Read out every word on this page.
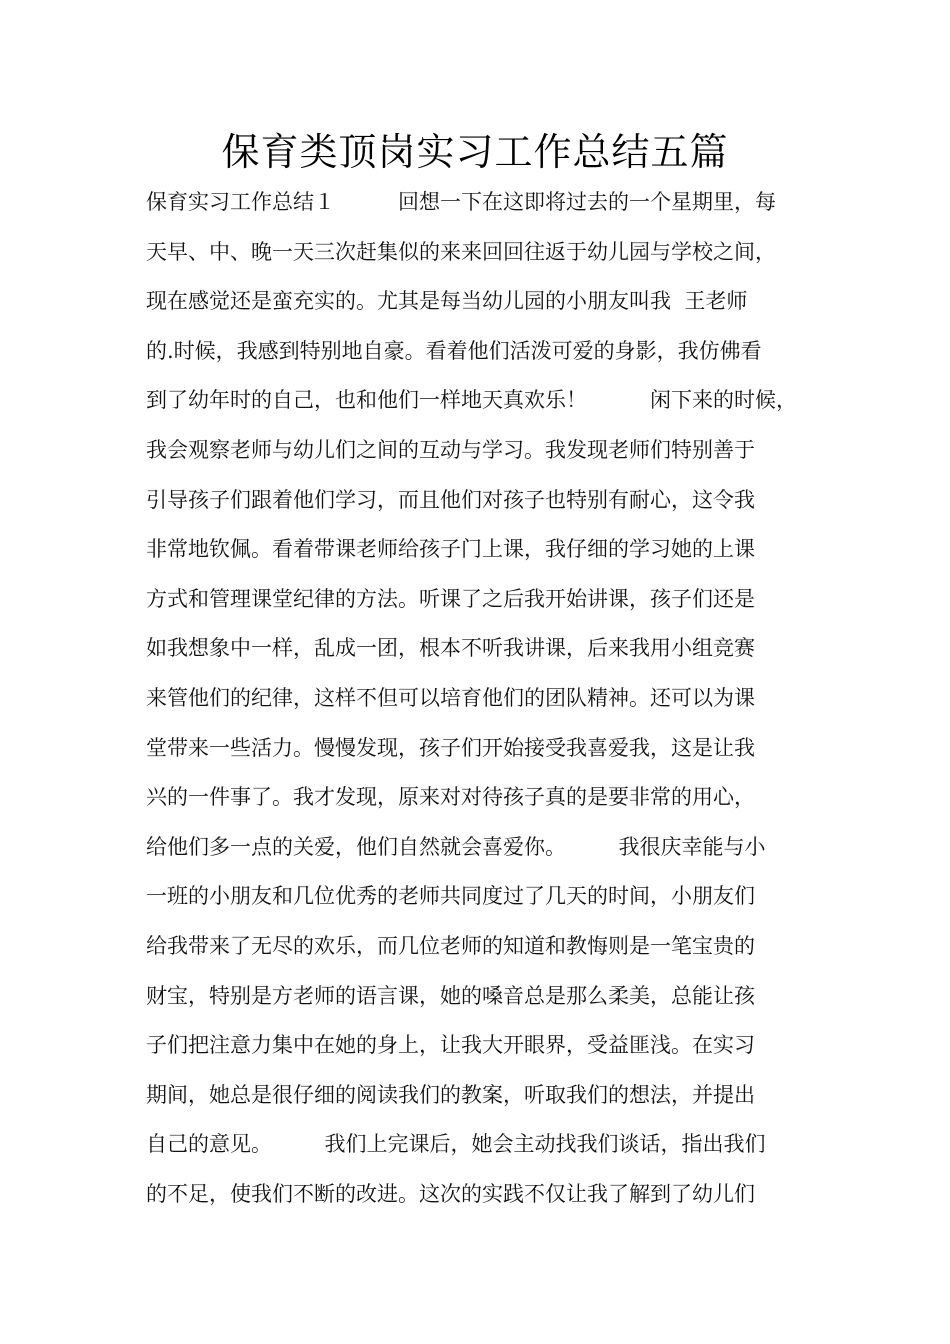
保育类顶岗实习工作总结五篇
保育实习工作总结１　　　回想一下在这即将过去的一个星期里，每
天早、中、晚一天三次赶集似的来来回回往返于幼儿园与学校之间，
现在感觉还是蛮充实的。尤其是每当幼儿园的小朋友叫我  王老师
的.时候，我感到特别地自豪。看着他们活泼可爱的身影，我仿佛看
到了幼年时的自己，也和他们一样地天真欢乐！　　　闲下来的时候，
我会观察老师与幼儿们之间的互动与学习。我发现老师们特别善于
引导孩子们跟着他们学习，而且他们对孩子也特别有耐心，这令我
非常地钦佩。看着带课老师给孩子门上课，我仔细的学习她的上课
方式和管理课堂纪律的方法。听课了之后我开始讲课，孩子们还是
如我想象中一样，乱成一团，根本不听我讲课，后来我用小组竞赛
来管他们的纪律，这样不但可以培育他们的团队精神。还可以为课
堂带来一些活力。慢慢发现，孩子们开始接受我喜爱我，这是让我
兴的一件事了。我才发现，原来对对待孩子真的是要非常的用心，
给他们多一点的关爱，他们自然就会喜爱你。　　　我很庆幸能与小
一班的小朋友和几位优秀的老师共同度过了几天的时间，小朋友们
给我带来了无尽的欢乐，而几位老师的知道和教悔则是一笔宝贵的
财宝，特别是方老师的语言课，她的嗓音总是那么柔美，总能让孩
子们把注意力集中在她的身上，让我大开眼界，受益匪浅。在实习
期间，她总是很仔细的阅读我们的教案，听取我们的想法，并提出
自己的意见。　　　我们上完课后，她会主动找我们谈话，指出我们
的不足，使我们不断的改进。这次的实践不仅让我了解到了幼儿们
